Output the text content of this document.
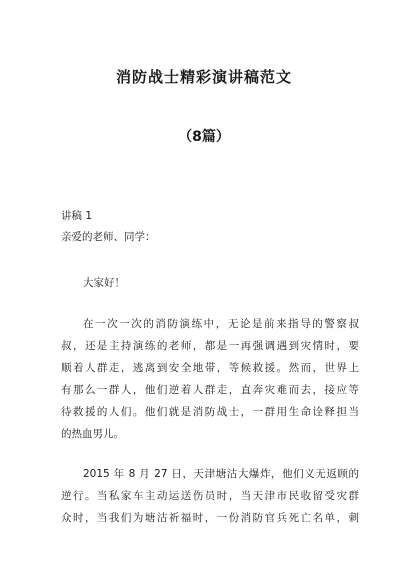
消防战士精彩演讲稿范文
（8篇）
讲稿 1
亲爱的老师、同学：
大家好！
在一次一次的消防演练中，无论是前来指导的警察叔
叔，还是主持演练的老师，都是一再强调遇到灾情时，要
顺着人群走，逃离到安全地带，等候救援。然而，世界上
有那么一群人，他们逆着人群走，直奔灾难而去，接应等
待救援的人们。他们就是消防战士，一群用生命诠释担当
的热血男儿。
2015 年 8 月 27 日，天津塘沽大爆炸，他们义无返顾的
逆行。当私家车主动运送伤员时，当天津市民收留受灾群
众时，当我们为塘沽祈福时，一份消防官兵死亡名单，刺
